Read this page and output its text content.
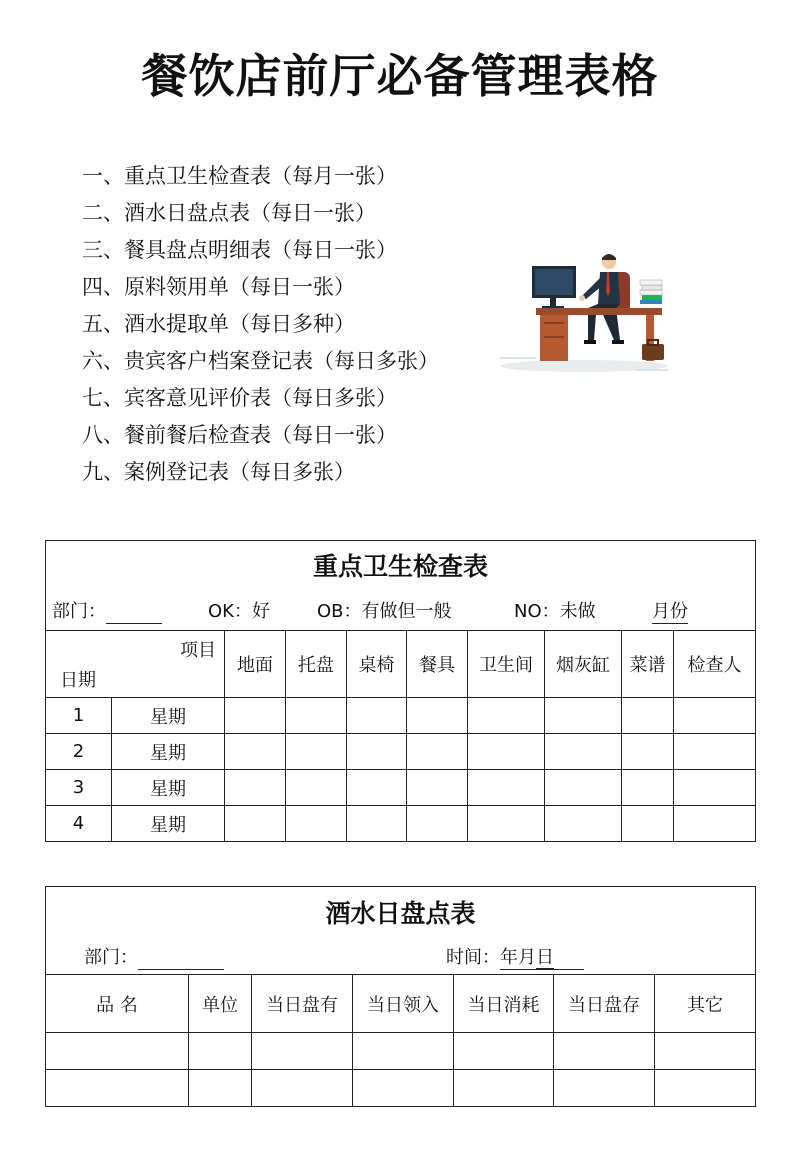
餐饮店前厅必备管理表格
一、重点卫生检查表（每月一张）
二、酒水日盘点表（每日一张）
三、餐具盘点明细表（每日一张）
四、原料领用单（每日一张）
五、酒水提取单（每日多种）
六、贵宾客户档案登记表（每日多张）
七、宾客意见评价表（每日多张）
八、餐前餐后检查表（每日一张）
九、案例登记表（每日多张）
重点卫生检查表									

部门： OK：好 OB：有做但一般 NO：未做 月份									

项目
日期		地面	托盘	桌椅	餐具	卫生间	烟灰缸	菜谱	检查人
1	星期								
2	星期								
3	星期								
4	星期								
酒水日盘点表						

部门： 时间：
年
月
日						

品 名	单位	当日盘有	当日领入	当日消耗	当日盘存	其它
